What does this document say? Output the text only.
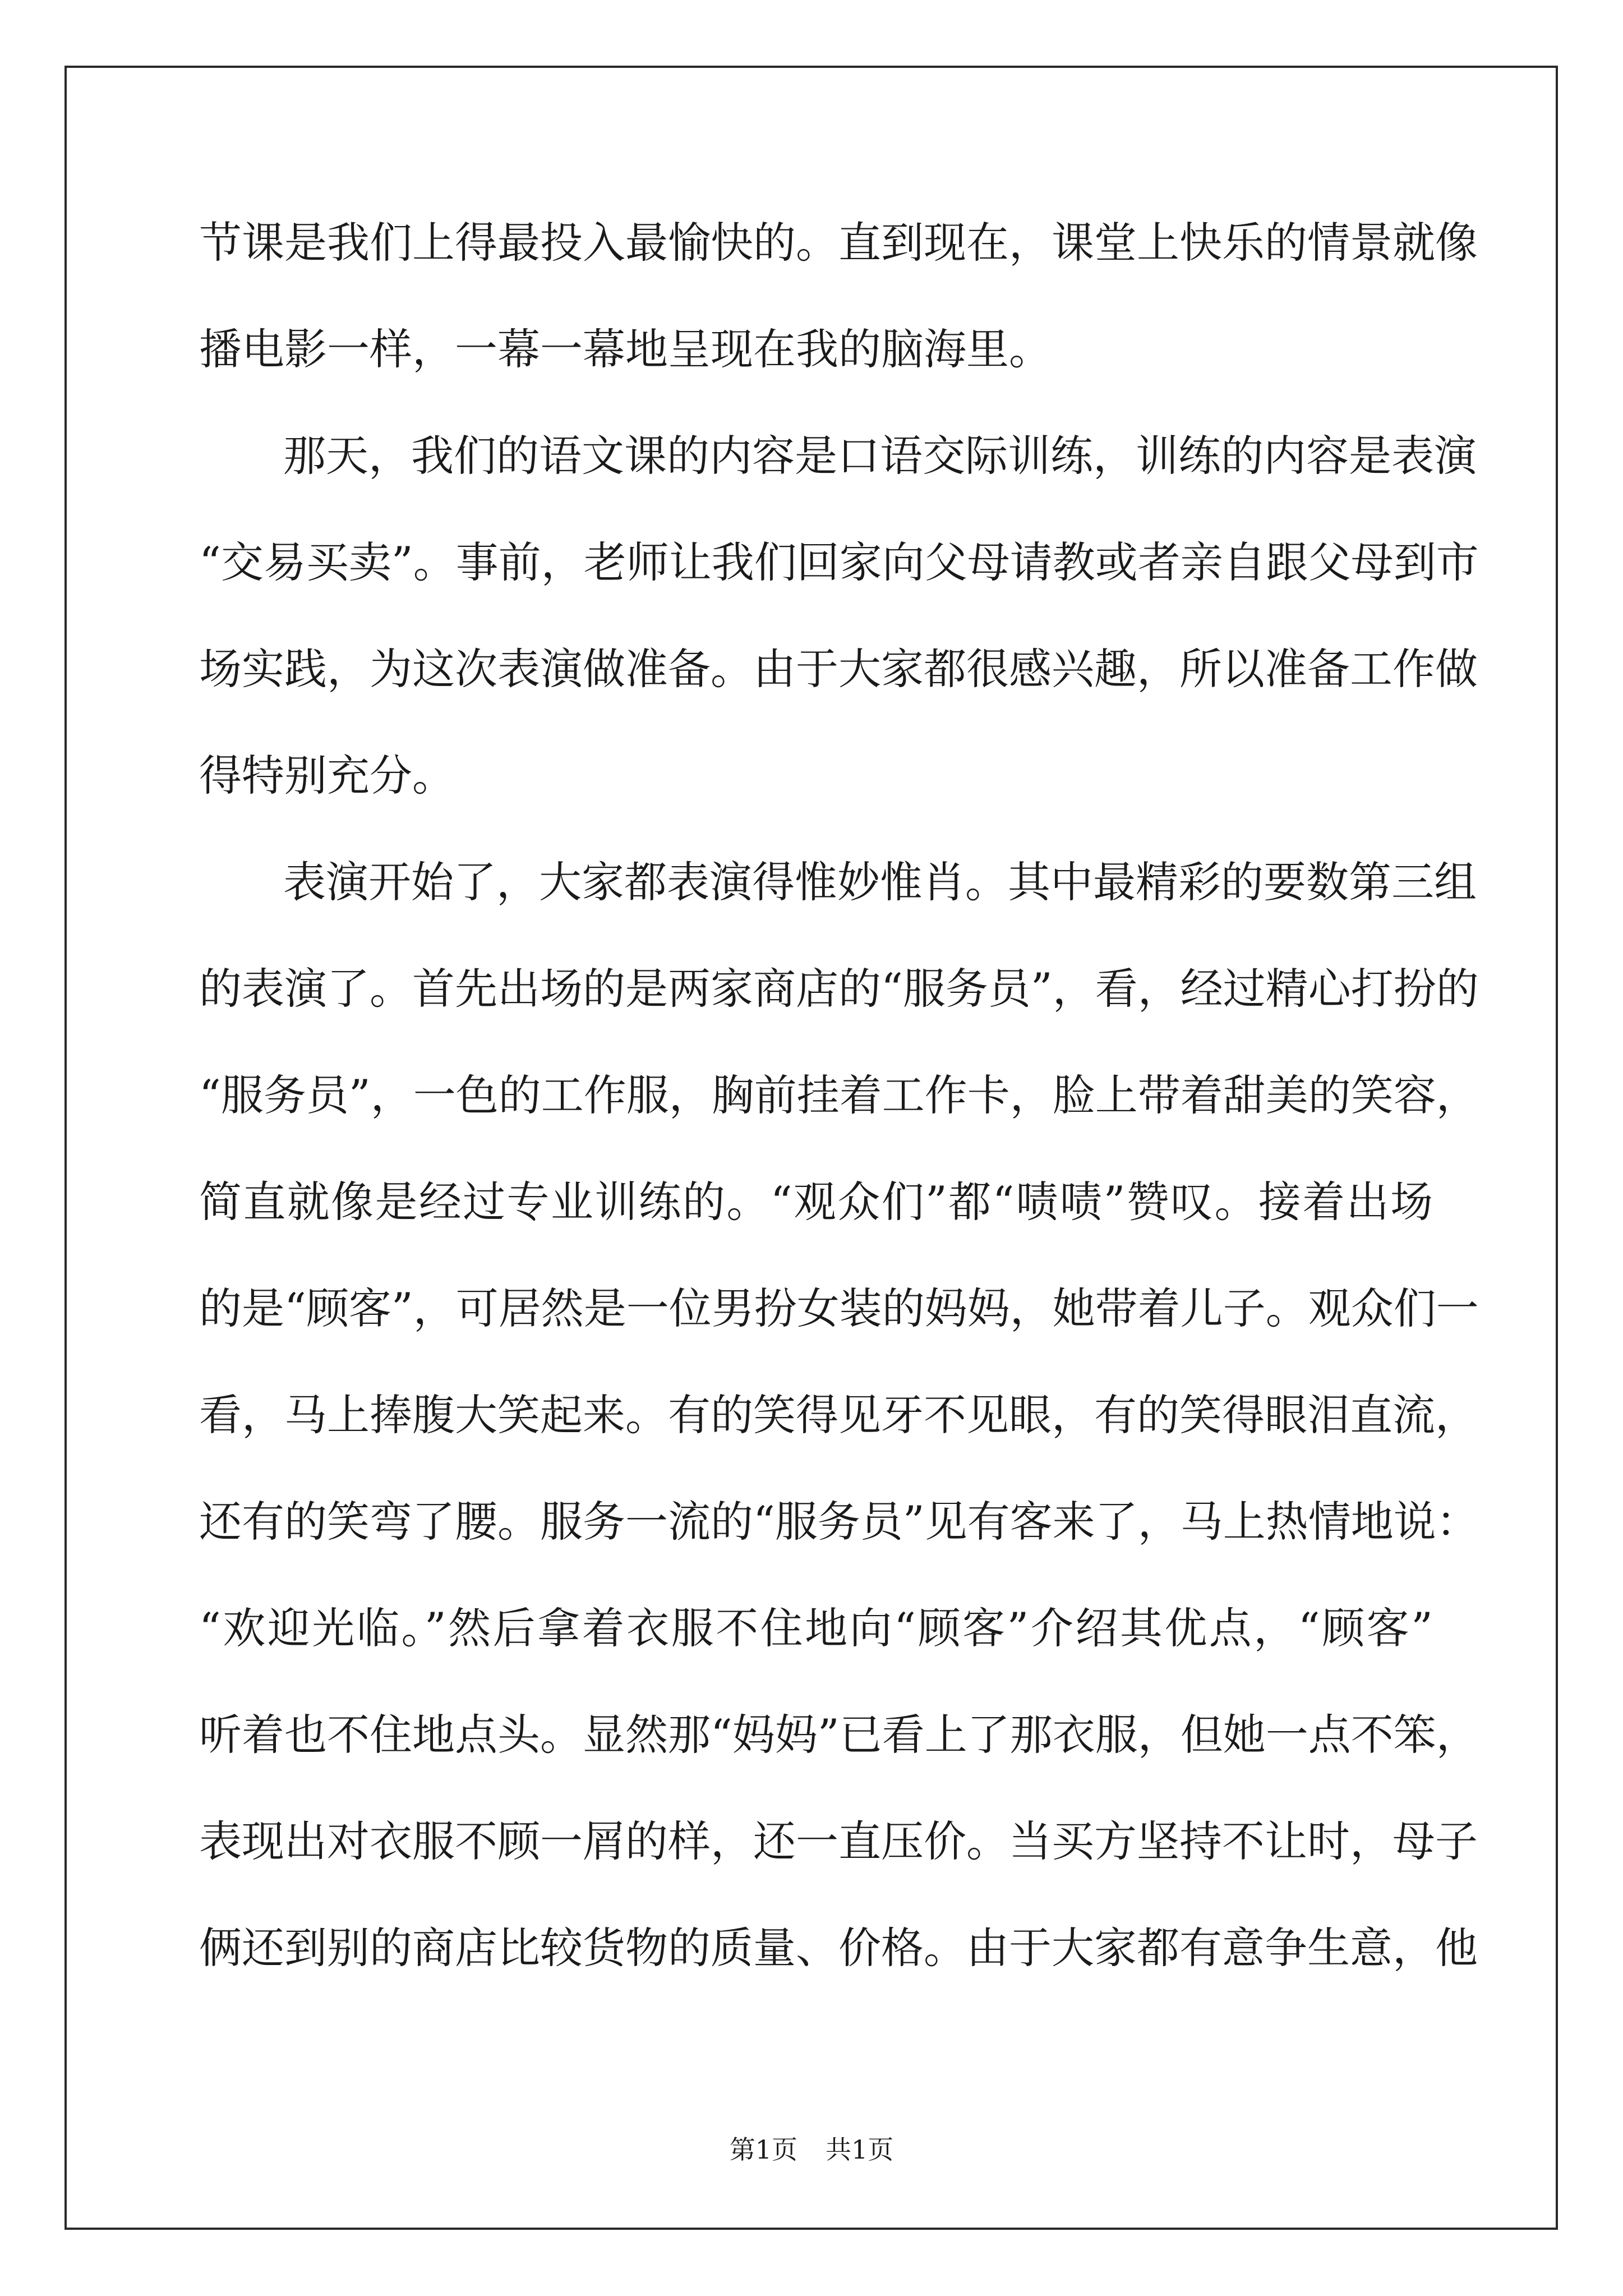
节课是我们上得最投入最愉快的。直到现在，课堂上快乐的情景就像
播电影一样，一幕一幕地呈现在我的脑海里。
那天，我们的语文课的内容是口语交际训练，训练的内容是表演
“交易买卖”。事前，老师让我们回家向父母请教或者亲自跟父母到市
场实践，为这次表演做准备。由于大家都很感兴趣，所以准备工作做
得特别充分。
表演开始了，大家都表演得惟妙惟肖。其中最精彩的要数第三组
的表演了。首先出场的是两家商店的“服务员”，看，经过精心打扮的
“服务员”，一色的工作服，胸前挂着工作卡，脸上带着甜美的笑容，
简直就像是经过专业训练的。“观众们”都“啧啧”赞叹。接着出场
的是“顾客”，可居然是一位男扮女装的妈妈，她带着儿子。观众们一
看，马上捧腹大笑起来。有的笑得见牙不见眼，有的笑得眼泪直流，
还有的笑弯了腰。服务一流的“服务员”见有客来了，马上热情地说：
“欢迎光临。”然后拿着衣服不住地向“顾客”介绍其优点，“顾客”
听着也不住地点头。显然那“妈妈”已看上了那衣服，但她一点不笨，
表现出对衣服不顾一屑的样，还一直压价。当买方坚持不让时，母子
俩还到别的商店比较货物的质量、价格。由于大家都有意争生意，他
第1页 共1页
